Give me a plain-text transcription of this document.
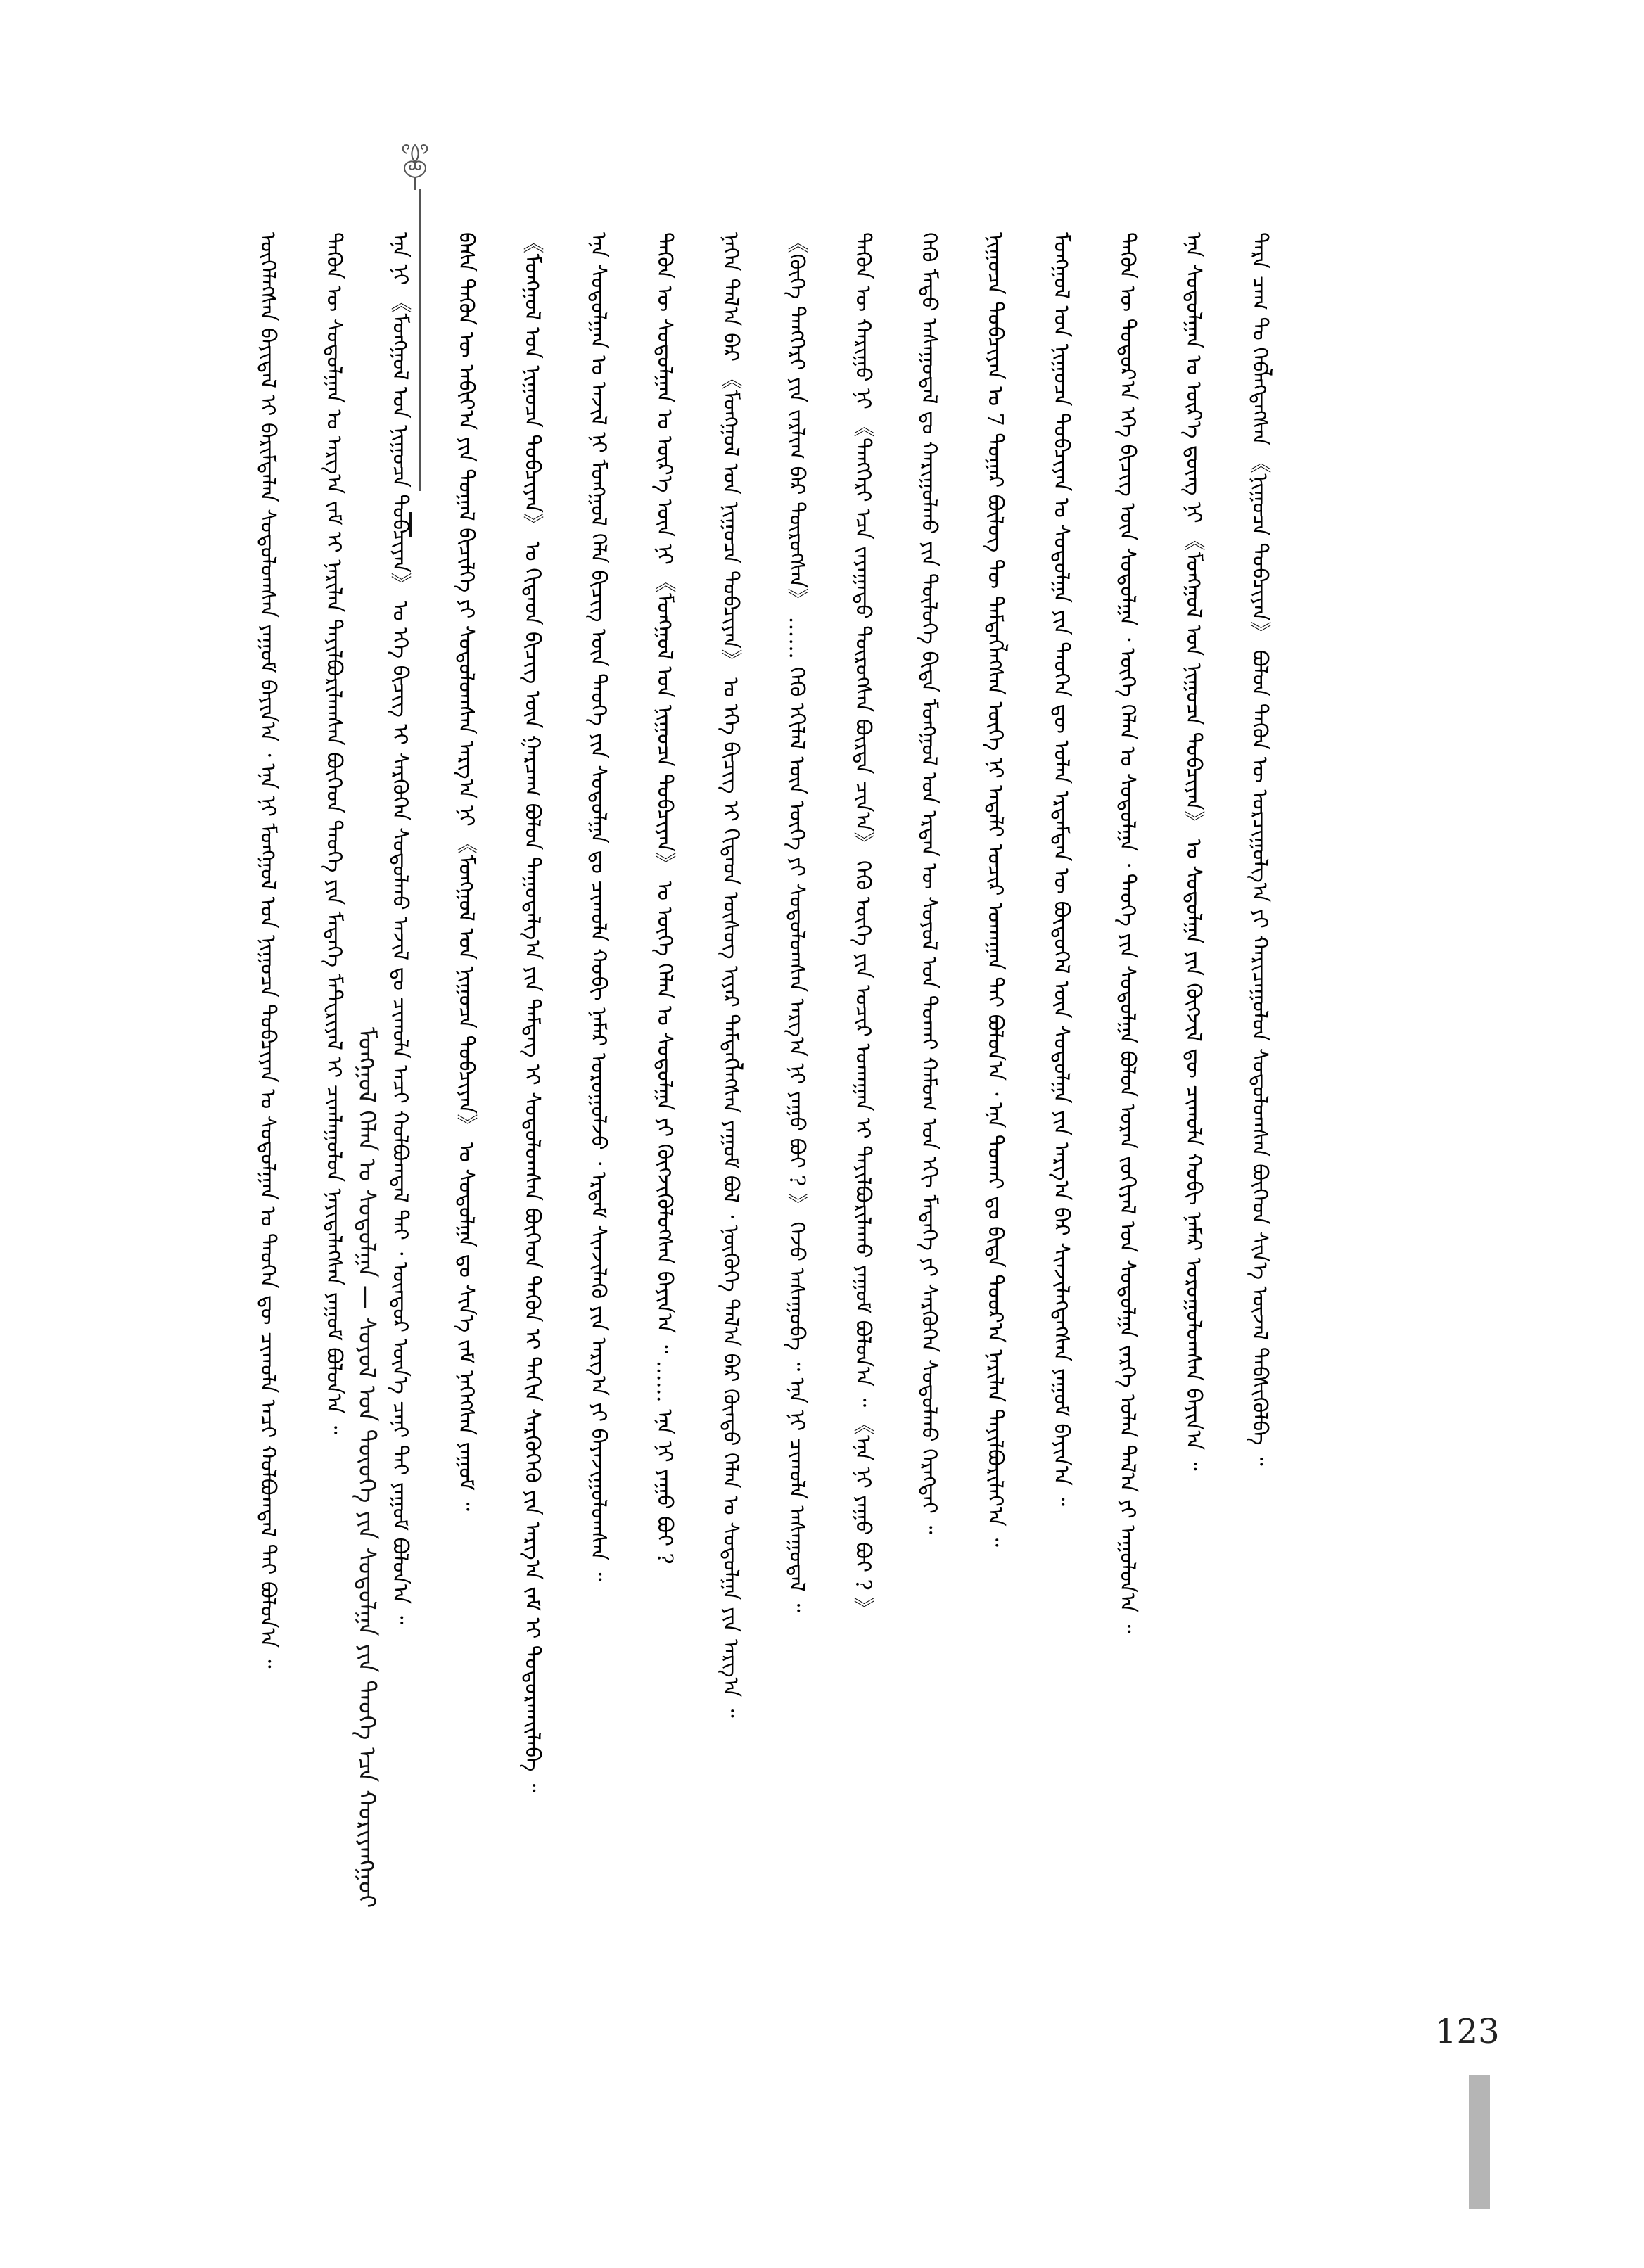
ᠮᠣᠩᠭᠣᠯ ᠬᠡᠯᠡᠨ ᠤ ᠰᠤᠳᠤᠯᠭᠠ — ᠰᠣᠶᠣᠯ ᠤᠨ ᠲᠦᠦᠬᠡ ᠶᠢᠨ ᠰᠤᠳᠤᠯᠭᠠ ᠶᠢᠨ ᠲᠡᠦᠬᠡ ᠡᠴᠡ ᠬᠤᠷᠢᠶᠠᠩᠭᠤᠢ
ᠦᠭᠡᠯᠡᠭᠰᠡᠨ ᠪᠠᠶᠢᠳᠠᠯ ᠢ ᠪᠠᠷᠢᠮᠲᠠᠯᠠᠨ ᠰᠤᠳᠤᠯᠤᠭᠰᠠᠨ ᠶᠠᠭᠤᠮ ᠪᠠᠶᠢᠨ᠎ᠠ ᠂ ᠡᠨᠡ ᠨᠢ ᠮᠣᠩᠭᠣᠯ ᠤᠨ ᠨᠢᠭᠤᠴᠠ ᠲᠣᠪᠴᠢᠶᠠᠨ ᠤ ᠰᠤᠳᠤᠯᠭᠠᠨ ᠤ ᠲᠡᠦᠬᠡᠨ ᠳᠦ ᠴᠢᠬᠤᠯᠠ ᠠᠴᠢ ᠬᠣᠯᠪᠣᠭᠳᠠᠯ ᠲᠠᠶ ᠪᠣᠯᠤᠨ᠎ᠠ ᠃ ᠲᠡᠭᠦᠨ ᠦ ᠰᠤᠳᠤᠯᠭᠠᠨ ᠤ ᠠᠷᠭ᠎ᠠ ᠵᠠᠮ ᠢ ᠨᠠᠷᠢᠯᠠᠨ ᠲᠠᠶᠢᠯᠪᠤᠷᠢᠯᠠᠭᠰᠠᠨ ᠪᠥᠭᠡᠳ ᠲᠡᠦᠬᠡ ᠶᠢᠨ ᠮᠡᠳᠡᠭᠡ ᠮᠠᠲᠸᠷᠢᠶᠠᠯ ᠢ ᠴᠢᠭᠯᠠᠭᠤᠯᠤᠨ ᠨᠡᠶᠢᠲᠡᠯᠡᠭᠰᠡᠨ ᠶᠠᠭᠤᠮ ᠪᠣᠯᠤᠨ᠎ᠠ ᠃ ᠡᠨᠡ ᠨᠢ 《ᠮᠣᠩᠭᠣᠯ ᠤᠨ ᠨᠢᠭᠤᠴᠠ ᠲᠣᠪᠴᠢᠶᠠᠨ》 ᠤ ᠡᠬᠡ ᠪᠢᠴᠢᠭ ᠢ ᠰᠡᠷᠬᠦᠭᠡᠨ ᠰᠤᠳᠤᠯᠬᠤ ᠠᠵᠢᠯ ᠳᠤ ᠴᠢᠬᠤᠯᠠ ᠠᠴᠢ ᠬᠣᠯᠪᠣᠭᠳᠠᠯ ᠲᠠᠶ ᠂ ᠥᠨᠳᠦᠷ ᠦᠨ᠎ᠡ ᠴᠡᠨᠢ ᠲᠡᠶ ᠶᠠᠭᠤᠮ ᠪᠣᠯᠤᠨ᠎ᠠ ᠃ ᠪᠠᠰᠠ ᠲᠡᠭᠦᠨ ᠦ ᠠᠪᠢᠶ᠎ᠠ ᠶᠢᠨ ᠲᠤᠭᠠᠯ ᠪᠢᠴᠢᠯᠭᠡ ᠶᠢ ᠰᠤᠳᠤᠯᠤᠭᠰᠠᠨ ᠠᠷᠭ᠎ᠠ ᠨᠢ 《ᠮᠣᠩᠭᠣᠯ ᠤᠨ ᠨᠢᠭᠤᠴᠠ ᠲᠣᠪᠴᠢᠶᠠᠨ》 ᠤ ᠰᠤᠳᠤᠯᠭᠠ ᠳᠤ ᠰᠢᠨ᠎ᠡ ᠵᠠᠮ ᠨᠡᠭᠡᠭᠰᠡᠨ ᠶᠠᠭᠤᠮ ᠃ 《ᠮᠣᠩᠭᠣᠯ ᠤᠨ ᠨᠢᠭᠤᠴᠠ ᠲᠣᠪᠴᠢᠶᠠᠨ》 ᠤ ᠬᠢᠲᠠᠳ ᠪᠢᠴᠢᠭ ᠦᠨ ᠭᠠᠷᠴᠠᠭ ᠪᠣᠯᠤᠨ ᠳᠠᠭᠤᠳᠠᠯᠭ᠎ᠠ ᠶᠢᠨ ᠲᠡᠮᠳᠡᠭ ᠢ ᠰᠤᠳᠤᠯᠤᠭᠰᠠᠨ ᠪᠥᠭᠡᠳ ᠲᠡᠭᠦᠨ ᠢ ᠳᠠᠬᠢᠨ ᠰᠡᠷᠭᠦᠭᠡᠬᠦ ᠶᠢᠨ ᠠᠷᠭ᠎ᠠ ᠵᠠᠮ ᠢ ᠲᠣᠳᠤᠷᠬᠠᠢᠯᠠᠪᠠ ᠃ ᠡᠨᠡ ᠰᠤᠳᠤᠯᠭᠠᠨ ᠤ ᠠᠵᠢᠯ ᠨᠢ ᠮᠣᠩᠭᠣᠯ ᠬᠡᠯᠡ ᠪᠢᠴᠢᠭ ᠦᠨ ᠲᠡᠦᠬᠡ ᠶᠢᠨ ᠰᠤᠳᠤᠯᠭᠠ ᠳᠤ ᠴᠢᠬᠤᠯᠠ ᠬᠤᠪᠢ ᠨᠡᠮᠡᠷ ᠣᠷᠤᠭᠤᠯᠵᠤ ᠂ ᠡᠷᠳᠡᠮ ᠰᠢᠨᠵᠢᠯᠡᠬᠦ ᠶᠢᠨ ᠠᠷᠭ᠎ᠠ ᠶᠢ ᠪᠠᠶᠠᠵᠢᠭᠤᠯᠤᠭᠰᠠᠨ ᠃ ᠲᠡᠭᠦᠨ ᠦ ᠰᠤᠳᠤᠯᠭᠠᠨ ᠤ ᠦᠷ᠎ᠡ ᠦᠨ ᠨᠢ 《ᠮᠣᠩᠭᠣᠯ ᠤᠨ ᠨᠢᠭᠤᠴᠠ ᠲᠣᠪᠴᠢᠶᠠᠨ》 ᠤ ᠦᠭᠡ ᠬᠡᠯᠡᠨ ᠤ ᠰᠤᠳᠤᠯᠭᠠ ᠶᠢ ᠬᠥᠭᠵᠢᠭᠦᠯᠦᠭᠰᠡᠨ ᠪᠠᠶᠢᠨ᠎ᠠ ᠃ …… ᠡᠨᠡ ᠨᠢ ᠶᠠᠭᠤ ᠪᠤᠢ ? ᠨᠡᠭᠡᠨ ᠲᠠᠯ᠎ᠠ ᠪᠡᠷ 《ᠮᠣᠩᠭᠣᠯ ᠤᠨ ᠨᠢᠭᠤᠴᠠ ᠲᠣᠪᠴᠢᠶᠠᠨ》 ᠤ ᠡᠬᠡ ᠪᠢᠴᠢᠭ ᠢ ᠬᠢᠲᠠᠳ ᠦᠰᠦᠭ ᠢᠶᠡᠷ ᠲᠡᠮᠳᠡᠭᠯᠡᠭᠰᠡᠨ ᠶᠠᠭᠤᠮ ᠪᠣᠯ ᠂ ᠨᠥᠭᠦᠭᠡ ᠲᠠᠯ᠎ᠠ ᠪᠡᠷ ᠬᠦᠨᠳᠦ ᠬᠡᠯᠡᠨ ᠤ ᠰᠤᠳᠤᠯᠭᠠ ᠶᠢᠨ ᠠᠷᠭ᠎ᠠ ᠃ 《ᠬᠥᠬᠡ ᠲᠡᠩᠭᠡᠷᠢ ᠶᠢᠨ ᠵᠠᠷᠯᠢᠭ ᠪᠠᠷ ᠲᠥᠷᠦᠭᠰᠡᠨ》 …… ᠭᠡᠬᠦ ᠡᠬᠢᠯᠡᠯ ᠦᠨ ᠦᠭᠡ ᠶᠢ ᠰᠤᠳᠤᠯᠤᠭᠰᠠᠨ ᠠᠷᠭ᠎ᠠ ᠨᠢ ᠶᠠᠭᠤ ᠪᠤᠢ ? 》 ᠭᠡᠵᠦ ᠠᠰᠠᠭᠤᠪᠠ ᠃ ᠡᠨᠡ ᠨᠢ ᠴᠢᠬᠤᠯᠠ ᠠᠰᠠᠭᠤᠳᠠᠯ ᠃ ᠲᠡᠭᠦᠨ ᠦ ᠬᠠᠷᠢᠭᠤ ᠨᠢ 《ᠲᠡᠩᠭᠡᠷᠢ ᠡᠴᠡ ᠵᠠᠶᠠᠭᠠᠲᠤ ᠲᠥᠷᠦᠭᠰᠡᠨ ᠪᠥᠷᠲᠡ ᠴᠢᠨ᠎ᠠ》 ᠭᠡᠬᠦ ᠦᠭᠡ ᠶᠢᠨ ᠤᠴᠢᠷ ᠤᠬᠠᠭᠠᠨ ᠢ ᠲᠠᠶᠢᠯᠪᠤᠷᠢᠯᠠᠬᠤ ᠶᠠᠭᠤᠮ ᠪᠣᠯᠤᠨ᠎ᠠ ᠃ 《ᠡᠨᠡ ᠨᠢ ᠶᠠᠭᠤ ᠪᠤᠢ ? 》 ᠭᠡᠬᠦ ᠮᠡᠲᠦ ᠠᠰᠠᠭᠤᠳᠠᠯ ᠳᠤ ᠬᠠᠷᠢᠭᠤᠯᠬᠤ ᠶᠢᠨ ᠲᠥᠯᠦᠭᠡ ᠪᠢᠳᠡ ᠮᠣᠩᠭᠣᠯ ᠤᠨ ᠡᠷᠲᠡᠨ ᠦ ᠰᠤᠶᠤᠯ ᠤᠨ ᠲᠤᠬᠠᠢ ᠬᠠᠮᠤᠭ ᠤᠨ ᠡᠬᠢ ᠮᠡᠳᠡᠭᠡ ᠶᠢ ᠰᠡᠷᠭᠦᠭᠡᠨ ᠰᠤᠳᠤᠯᠬᠤ ᠬᠡᠷᠡᠭᠲᠡᠢ ᠃ ᠨᠢᠭᠤᠴᠠ ᠲᠣᠪᠴᠢᠶᠠᠨ ᠤ 7 ᠳᠤᠭᠠᠷ ᠪᠦᠯᠦᠭ ᠲᠦ ᠲᠡᠮᠳᠡᠭᠯᠡᠭᠰᠡᠨ ᠦᠭᠡ ᠨᠢ ᠠᠳᠠᠯᠢ ᠤᠴᠢᠷ ᠤᠬᠠᠭᠠᠨ ᠲᠠᠶ ᠪᠣᠯᠤᠨ᠎ᠠ ᠂ ᠡᠨᠡ ᠲᠤᠬᠠᠢ ᠳᠤ ᠪᠢᠳᠡ ᠳᠣᠣᠷ᠎ᠠ ᠨᠠᠷᠢᠯᠠᠨ ᠲᠠᠶᠢᠯᠪᠤᠷᠢᠯᠠᠶ᠎ᠠ ᠃ ᠮᠣᠩᠭᠣᠯ ᠤᠨ ᠨᠢᠭᠤᠴᠠ ᠲᠣᠪᠴᠢᠶᠠᠨ ᠤ ᠰᠤᠳᠤᠯᠭᠠ ᠶᠢᠨ ᠲᠡᠦᠬᠡᠨ ᠳᠦ ᠣᠯᠠᠨ ᠡᠷᠳᠡᠮᠲᠡᠨ ᠦ ᠪᠦᠲᠦᠭᠡᠯ ᠦᠨ ᠰᠤᠳᠤᠯᠭᠠ ᠶᠢᠨ ᠠᠷᠭ᠎ᠠ ᠪᠠᠷ ᠰᠢᠨᠵᠢᠯᠡᠭᠳᠡᠭᠰᠡᠨ ᠶᠠᠭᠤᠮ ᠪᠠᠶᠢᠨ᠎ᠠ ᠃ ᠲᠡᠭᠦᠨ ᠦ ᠳᠣᠲᠣᠷ᠎ᠠ ᠡᠬᠡ ᠪᠢᠴᠢᠭ ᠦᠨ ᠰᠤᠳᠤᠯᠭᠠ ᠂ ᠦᠭᠡ ᠬᠡᠯᠡᠨ ᠤ ᠰᠤᠳᠤᠯᠭᠠ ᠂ ᠲᠡᠦᠬᠡ ᠶᠢᠨ ᠰᠤᠳᠤᠯᠭᠠ ᠪᠣᠯᠤᠨ ᠤᠷᠠᠨ ᠵᠣᠬᠢᠶᠠᠯ ᠤᠨ ᠰᠤᠳᠤᠯᠭᠠ ᠵᠡᠷᠭᠡ ᠣᠯᠠᠨ ᠲᠠᠯ᠎ᠠ ᠶᠢ ᠠᠭᠤᠯᠤᠨ᠎ᠠ ᠃ ᠡᠨᠡ ᠰᠤᠳᠤᠯᠭᠠᠨ ᠤ ᠦᠷ᠎ᠡ ᠳ᠋ᠦᠩ ᠨᠢ 《ᠮᠣᠩᠭᠣᠯ ᠤᠨ ᠨᠢᠭᠤᠴᠠ ᠲᠣᠪᠴᠢᠶᠠᠨ》 ᠤ ᠰᠤᠳᠤᠯᠭᠠ ᠶᠢᠨ ᠬᠥᠭᠵᠢᠯ ᠳᠦ ᠴᠢᠬᠤᠯᠠ ᠬᠤᠪᠢ ᠨᠡᠮᠡᠷ ᠣᠷᠤᠭᠤᠯᠤᠭᠰᠠᠨ ᠪᠠᠶᠢᠨ᠎ᠠ ᠃ ᠲᠡᠷᠡ ᠴᠠᠭ ᠲᠤ ᠬᠡᠪᠯᠡᠭᠳᠡᠭᠰᠡᠨ 《ᠨᠢᠭᠤᠴᠠ ᠲᠣᠪᠴᠢᠶᠠᠨ》 ᠪᠣᠯᠤᠨ ᠲᠡᠭᠦᠨ ᠦ ᠣᠷᠴᠢᠭᠤᠯᠭ᠎ᠠ ᠶᠢ ᠬᠠᠷᠢᠴᠠᠭᠤᠯᠤᠨ ᠰᠤᠳᠤᠯᠤᠭᠰᠠᠨ ᠪᠥᠭᠡᠳ ᠰᠢᠨ᠎ᠡ ᠦᠵᠡᠯ ᠳᠡᠪᠰᠢᠭᠦᠯᠪᠡ ᠃
123
